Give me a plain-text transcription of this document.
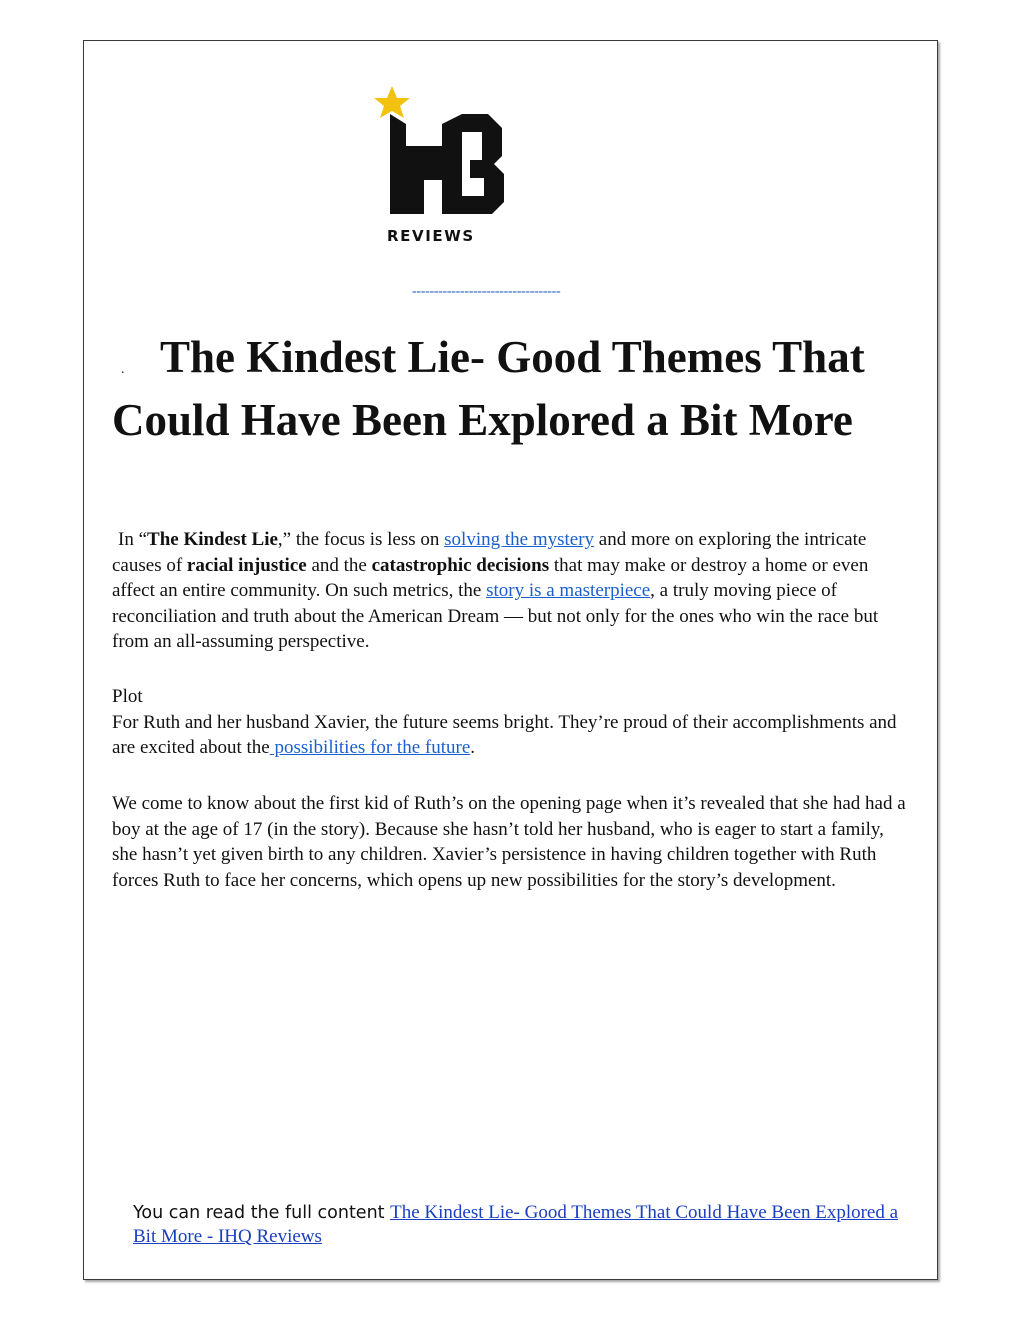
REVIEWS
----------------------------------
. The Kindest Lie- Good Themes That Could Have Been Explored a Bit More

In “The Kindest Lie,” the focus is less on solving the mystery and more on exploring the intricate causes of racial injustice and the catastrophic decisions that may make or destroy a home or even affect an entire community. On such metrics, the story is a masterpiece, a truly moving piece of reconciliation and truth about the American Dream — but not only for the ones who win the race but from an all-assuming perspective.

Plot
For Ruth and her husband Xavier, the future seems bright. They’re proud of their accomplishments and are excited about the possibilities for the future.

We come to know about the first kid of Ruth’s on the opening page when it’s revealed that she had had a boy at the age of 17 (in the story). Because she hasn’t told her husband, who is eager to start a family, she hasn’t yet given birth to any children. Xavier’s persistence in having children together with Ruth forces Ruth to face her concerns, which opens up new possibilities for the story’s development.

You can read the full content The Kindest Lie- Good Themes That Could Have Been Explored a Bit More - IHQ Reviews
